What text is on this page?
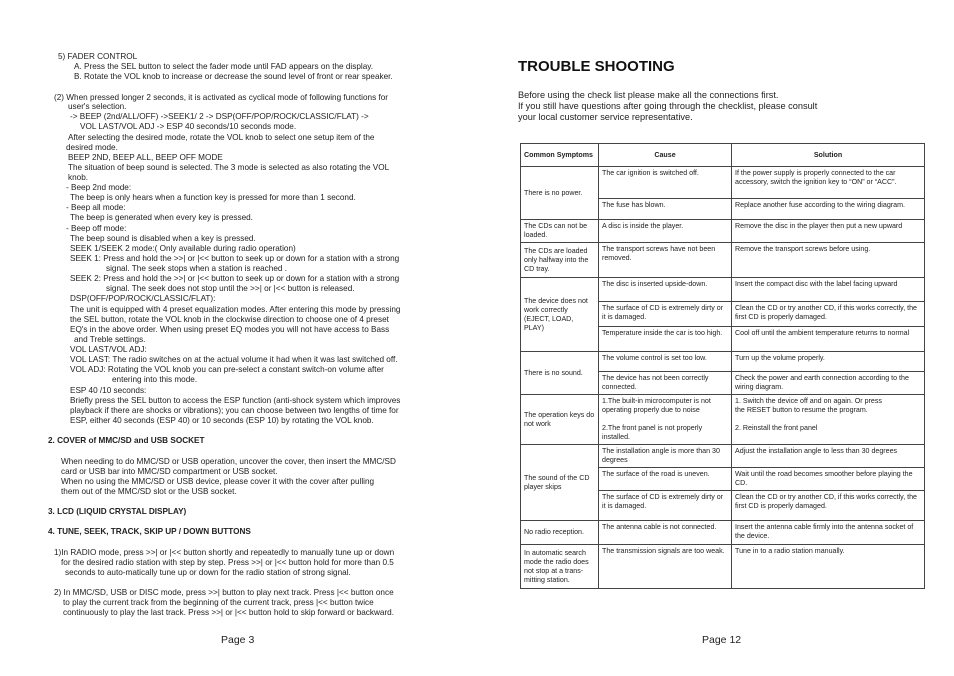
5) FADER CONTROL
A. Press the SEL button to select the fader mode until FAD appears on the display.
B. Rotate the VOL knob to increase or decrease the sound level of front or rear speaker.
(2) When pressed longer 2 seconds, it is activated as cyclical mode of following functions for
user's selection.
-> BEEP (2nd/ALL/OFF) ->SEEK1/ 2 -> DSP(OFF/POP/ROCK/CLASSIC/FLAT) ->
VOL LAST/VOL ADJ -> ESP 40 seconds/10 seconds mode.
After selecting the desired mode, rotate the VOL knob to select one setup item of the
desired mode.
BEEP 2ND, BEEP ALL, BEEP OFF MODE
The situation of beep sound is selected. The 3 mode is selected as also rotating the VOL
knob.
- Beep 2nd mode:
The beep is only hears when a function key is pressed for more than 1 second.
- Beep all mode:
The beep is generated when every key is pressed.
- Beep off mode:
The beep sound is disabled when a key is pressed.
SEEK 1/SEEK 2 mode:( Only available during radio operation)
SEEK 1: Press and hold the >>| or |<< button to seek up or down for a station with a strong
signal. The seek stops when a station is reached .
SEEK 2: Press and hold the >>| or |<< button to seek up or down for a station with a strong
signal. The seek does not stop until the >>| or |<< button is released.
DSP(OFF/POP/ROCK/CLASSIC/FLAT):
The unit is equipped with 4 preset equalization modes. After entering this mode by pressing
the SEL button, rotate the VOL knob in the clockwise direction to choose one of 4 preset
EQ's in the above order. When using preset EQ modes you will not have access to Bass
and Treble settings.
VOL LAST/VOL ADJ:
VOL LAST: The radio switches on at the actual volume it had when it was last switched off.
VOL ADJ: Rotating the VOL knob you can pre-select a constant switch-on volume after
entering into this mode.
ESP 40 /10 seconds:
Briefly press the SEL button to access the ESP function (anti-shock system which improves
playback if there are shocks or vibrations); you can choose between two lengths of time for
ESP, either 40 seconds (ESP 40) or 10 seconds (ESP 10) by rotating the VOL knob.
2. COVER of MMC/SD and USB SOCKET
When needing to do MMC/SD or USB operation, uncover the cover, then insert the MMC/SD
card or USB bar into MMC/SD compartment or USB socket.
When no using the MMC/SD or USB device, please cover it with the cover after pulling
them out of the MMC/SD slot or the USB socket.
3. LCD (LIQUID CRYSTAL DISPLAY)
4. TUNE, SEEK, TRACK, SKIP UP / DOWN BUTTONS
1)In RADIO mode, press >>| or |<< button shortly and repeatedly to manually tune up or down
for the desired radio station with step by step. Press >>| or |<< button hold for more than 0.5
seconds to auto-matically tune up or down for the radio station of strong signal.
2) In MMC/SD, USB or DISC mode, press >>| button to play next track. Press |<< button once
to play the current track from the beginning of the current track, press |<< button twice
continuously to play the last track. Press >>| or |<< button hold to skip forward or backward.
Page 3
TROUBLE SHOOTING
Before using the check list please make all the connections first.
If you still have questions after going through the checklist, please consult
your local customer service representative.
Common Symptoms	Cause	Solution
There is no power.	The car ignition is switched off.	If the power supply is properly connected to the car accessory, switch the ignition key to “ON” or “ACC”.
	The fuse has blown.	Replace another fuse according to the wiring diagram.
The CDs can not be loaded.	A disc is inside the player.	Remove the disc in the player then put a new upward
The CDs are loaded only halfway into the CD tray.	The transport screws have not been removed.	Remove the transport screws before using.
The device does not work correctly (EJECT, LOAD, PLAY)	The disc is inserted upside-down.	Insert the compact disc with the label facing upward
	The surface of CD is extremely dirty or it is damaged.	Clean the CD or try another CD, if this works correctly, the first CD is properly damaged.
	Temperature inside the car is too high.	Cool off until the ambient temperature returns to normal
There is no sound.	The volume control is set too low.	Turn up the volume properly.
	The device has not been correctly connected.	Check the power and earth connection according to the wiring diagram.
The operation keys do not work	1.The built-in microcomputer is not
operating properly due to noise

2.The front panel is not properly
installed.	1. Switch the device off and on again. Or press
the RESET button to resume the program.

2. Reinstall the front panel
The sound of the CD player skips	The installation angle is more than 30 degrees	Adjust the installation angle to less than 30 degrees
	The surface of the road is uneven.	Wait until the road becomes smoother before playing the CD.
	The surface of CD is extremely dirty or it is damaged.	Clean the CD or try another CD, if this works correctly, the first CD is properly damaged.
No radio reception.	The antenna cable is not connected.	Insert the antenna cable firmly into the antenna socket of the device.
In automatic search mode the radio does not stop at a trans-mitting station.	The transmission signals are too weak.	Tune in to a radio station manually.
Page 12
